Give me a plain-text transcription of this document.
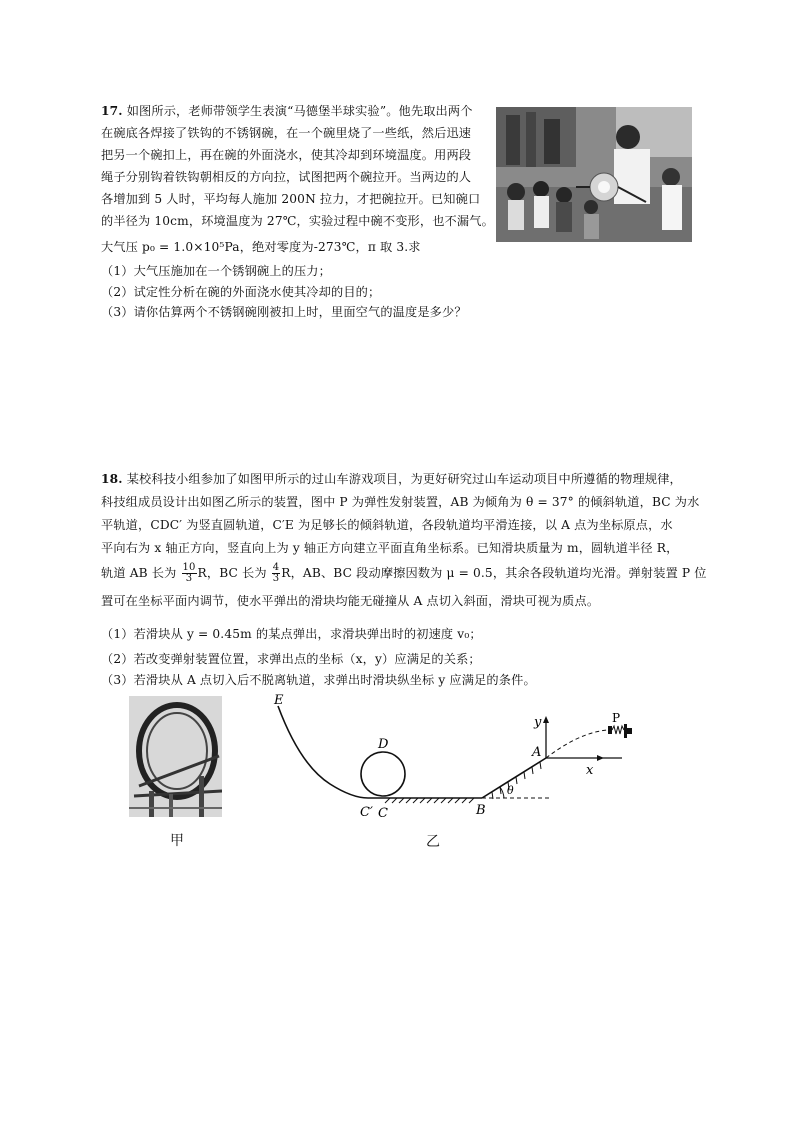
17. 如图所示，老师带领学生表演“马德堡半球实验”。他先取出两个
在碗底各焊接了铁钩的不锈钢碗，在一个碗里烧了一些纸，然后迅速
把另一个碗扣上，再在碗的外面浇水，使其冷却到环境温度。用两段
绳子分别钩着铁钩朝相反的方向拉，试图把两个碗拉开。当两边的人
各增加到 5 人时，平均每人施加 200N 拉力，才把碗拉开。已知碗口
的半径为 10cm，环境温度为 27℃，实验过程中碗不变形，也不漏气。
大气压 p₀ = 1.0×10⁵Pa，绝对零度为-273℃，π 取 3.求
（1）大气压施加在一个锈钢碗上的压力；
（2）试定性分析在碗的外面浇水使其冷却的目的；
（3）请你估算两个不锈钢碗刚被扣上时，里面空气的温度是多少？
18. 某校科技小组参加了如图甲所示的过山车游戏项目，为更好研究过山车运动项目中所遵循的物理规律，
科技组成员设计出如图乙所示的装置，图中 P 为弹性发射装置，AB 为倾角为 θ = 37° 的倾斜轨道，BC 为水
平轨道，CDC′ 为竖直圆轨道，C′E 为足够长的倾斜轨道，各段轨道均平滑连接，以 A 点为坐标原点，水
平向右为 x 轴正方向，竖直向上为 y 轴正方向建立平面直角坐标系。已知滑块质量为 m，圆轨道半径 R，
轨道 AB 长为 $\frac{10}{3}$ R，BC 长为 $\frac{4}{3}$ R，AB、BC 段动摩擦因数为 μ = 0.5，其余各段轨道均光滑。弹射装置 P 位
置可在坐标平面内调节，使水平弹出的滑块均能无碰撞从 A 点切入斜面，滑块可视为质点。
（1）若滑块从 y = 0.45m 的某点弹出，求滑块弹出时的初速度 v₀；
（2）若改变弹射装置位置，求弹出点的坐标（x，y）应满足的关系；
（3）若滑块从 A 点切入后不脱离轨道，求弹出时滑块纵坐标 y 应满足的条件。
甲
E
D
C′ C	B
A
y
x
P
θ
乙
